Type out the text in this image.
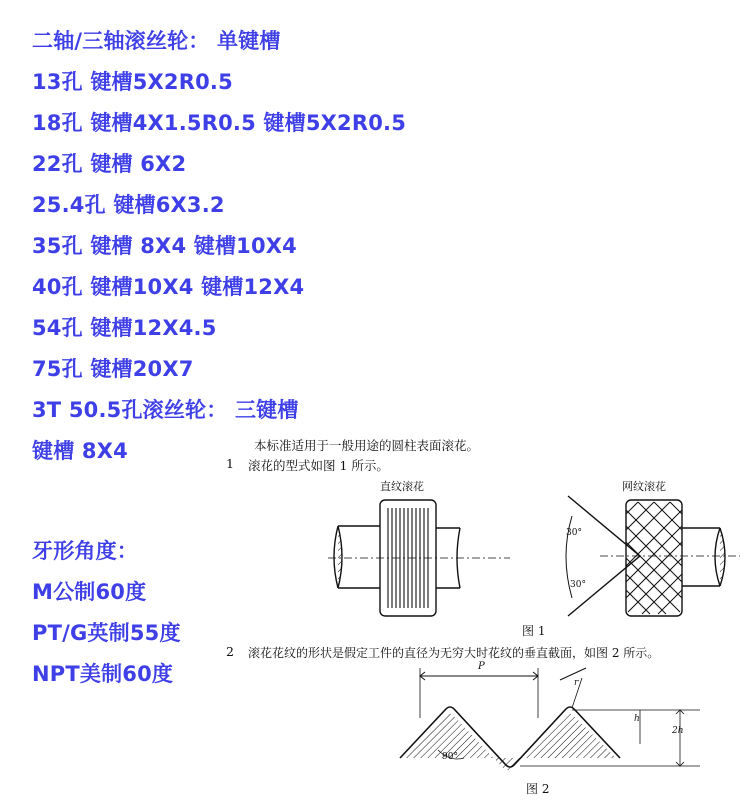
二轴/三轴滚丝轮： 单键槽
13孔 键槽5X2R0.5
18孔 键槽4X1.5R0.5 键槽5X2R0.5
22孔 键槽 6X2
25.4孔 键槽6X3.2
35孔 键槽 8X4 键槽10X4
40孔 键槽10X4 键槽12X4
54孔 键槽12X4.5
75孔 键槽20X7
3T 50.5孔滚丝轮： 三键槽
键槽 8X4
牙形角度：
M公制60度
PT/G英制55度
NPT美制60度
本标准适用于一般用途的圆柱表面滚花。
1 滚花的型式如图 1 所示。
直纹滚花	网纹滚花
30°
30°
图 1
2 滚花花纹的形状是假定工件的直径为无穷大时花纹的垂直截面，如图 2 所示。
P
r
h
2h
图 2
